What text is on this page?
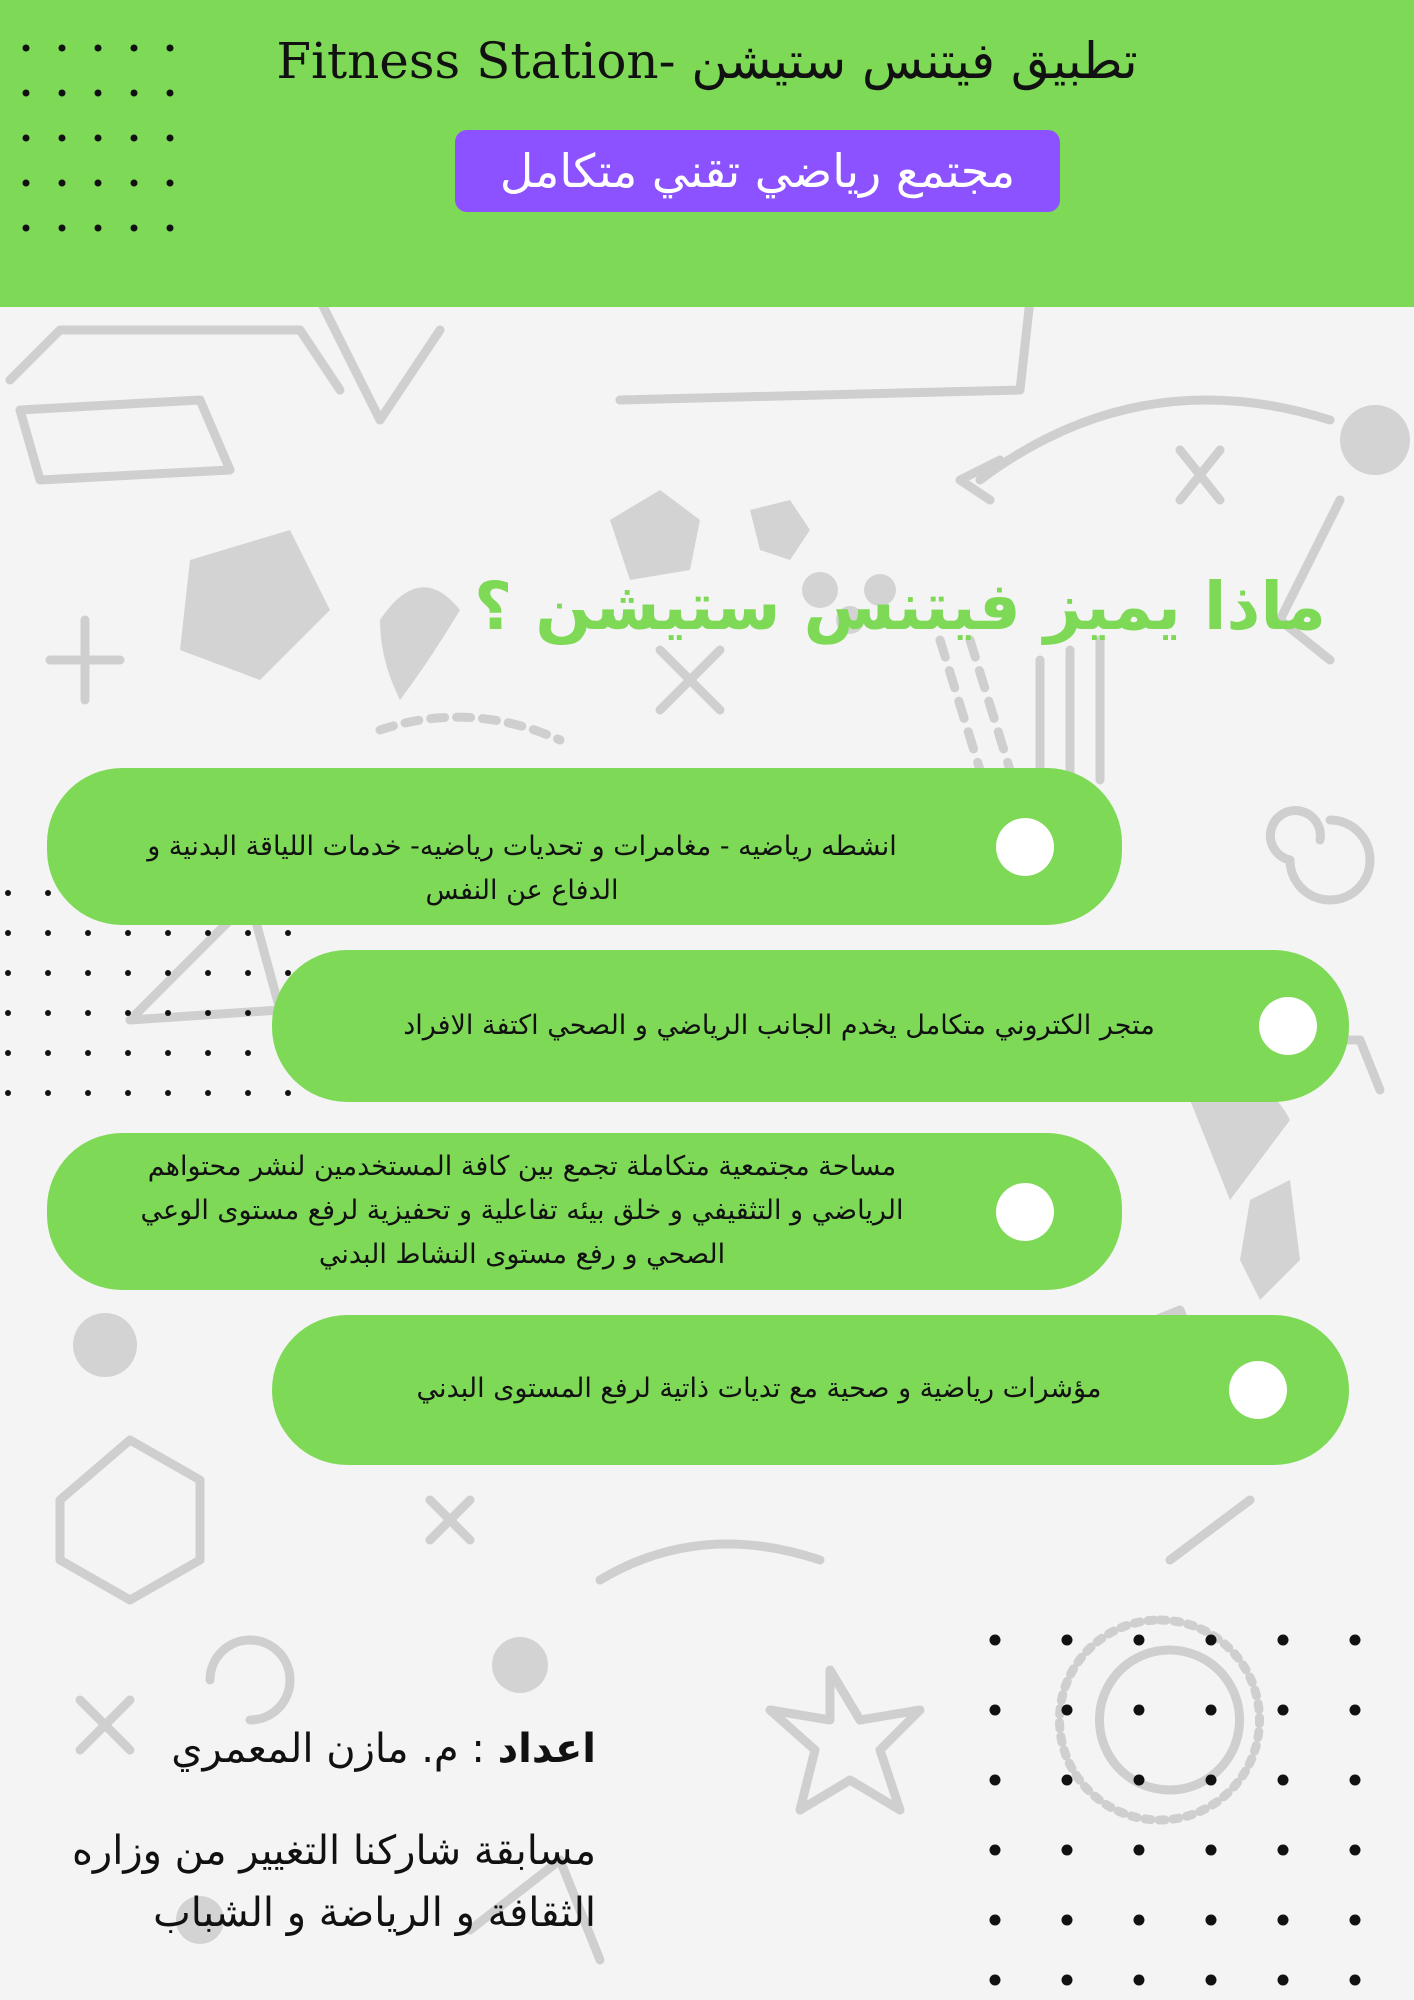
تطبيق فيتنس ستيشن -Fitness Station
مجتمع رياضي تقني متكامل
ماذا يميز فيتنس ستيشن ؟
انشطه رياضيه - مغامرات و تحديات رياضيه- خدمات اللياقة البدنية و
الدفاع عن النفس
متجر الكتروني متكامل يخدم الجانب الرياضي و الصحي اكتفة الافراد
مساحة مجتمعية متكاملة تجمع بين كافة المستخدمين لنشر محتواهم
الرياضي و التثقيفي و خلق بيئه تفاعلية و تحفيزية لرفع مستوى الوعي
الصحي و رفع مستوى النشاط البدني
مؤشرات رياضية و صحية مع تديات ذاتية لرفع المستوى البدني
اعداد : م. مازن المعمري
مسابقة شاركنا التغيير من وزاره
الثقافة و الرياضة و الشباب
